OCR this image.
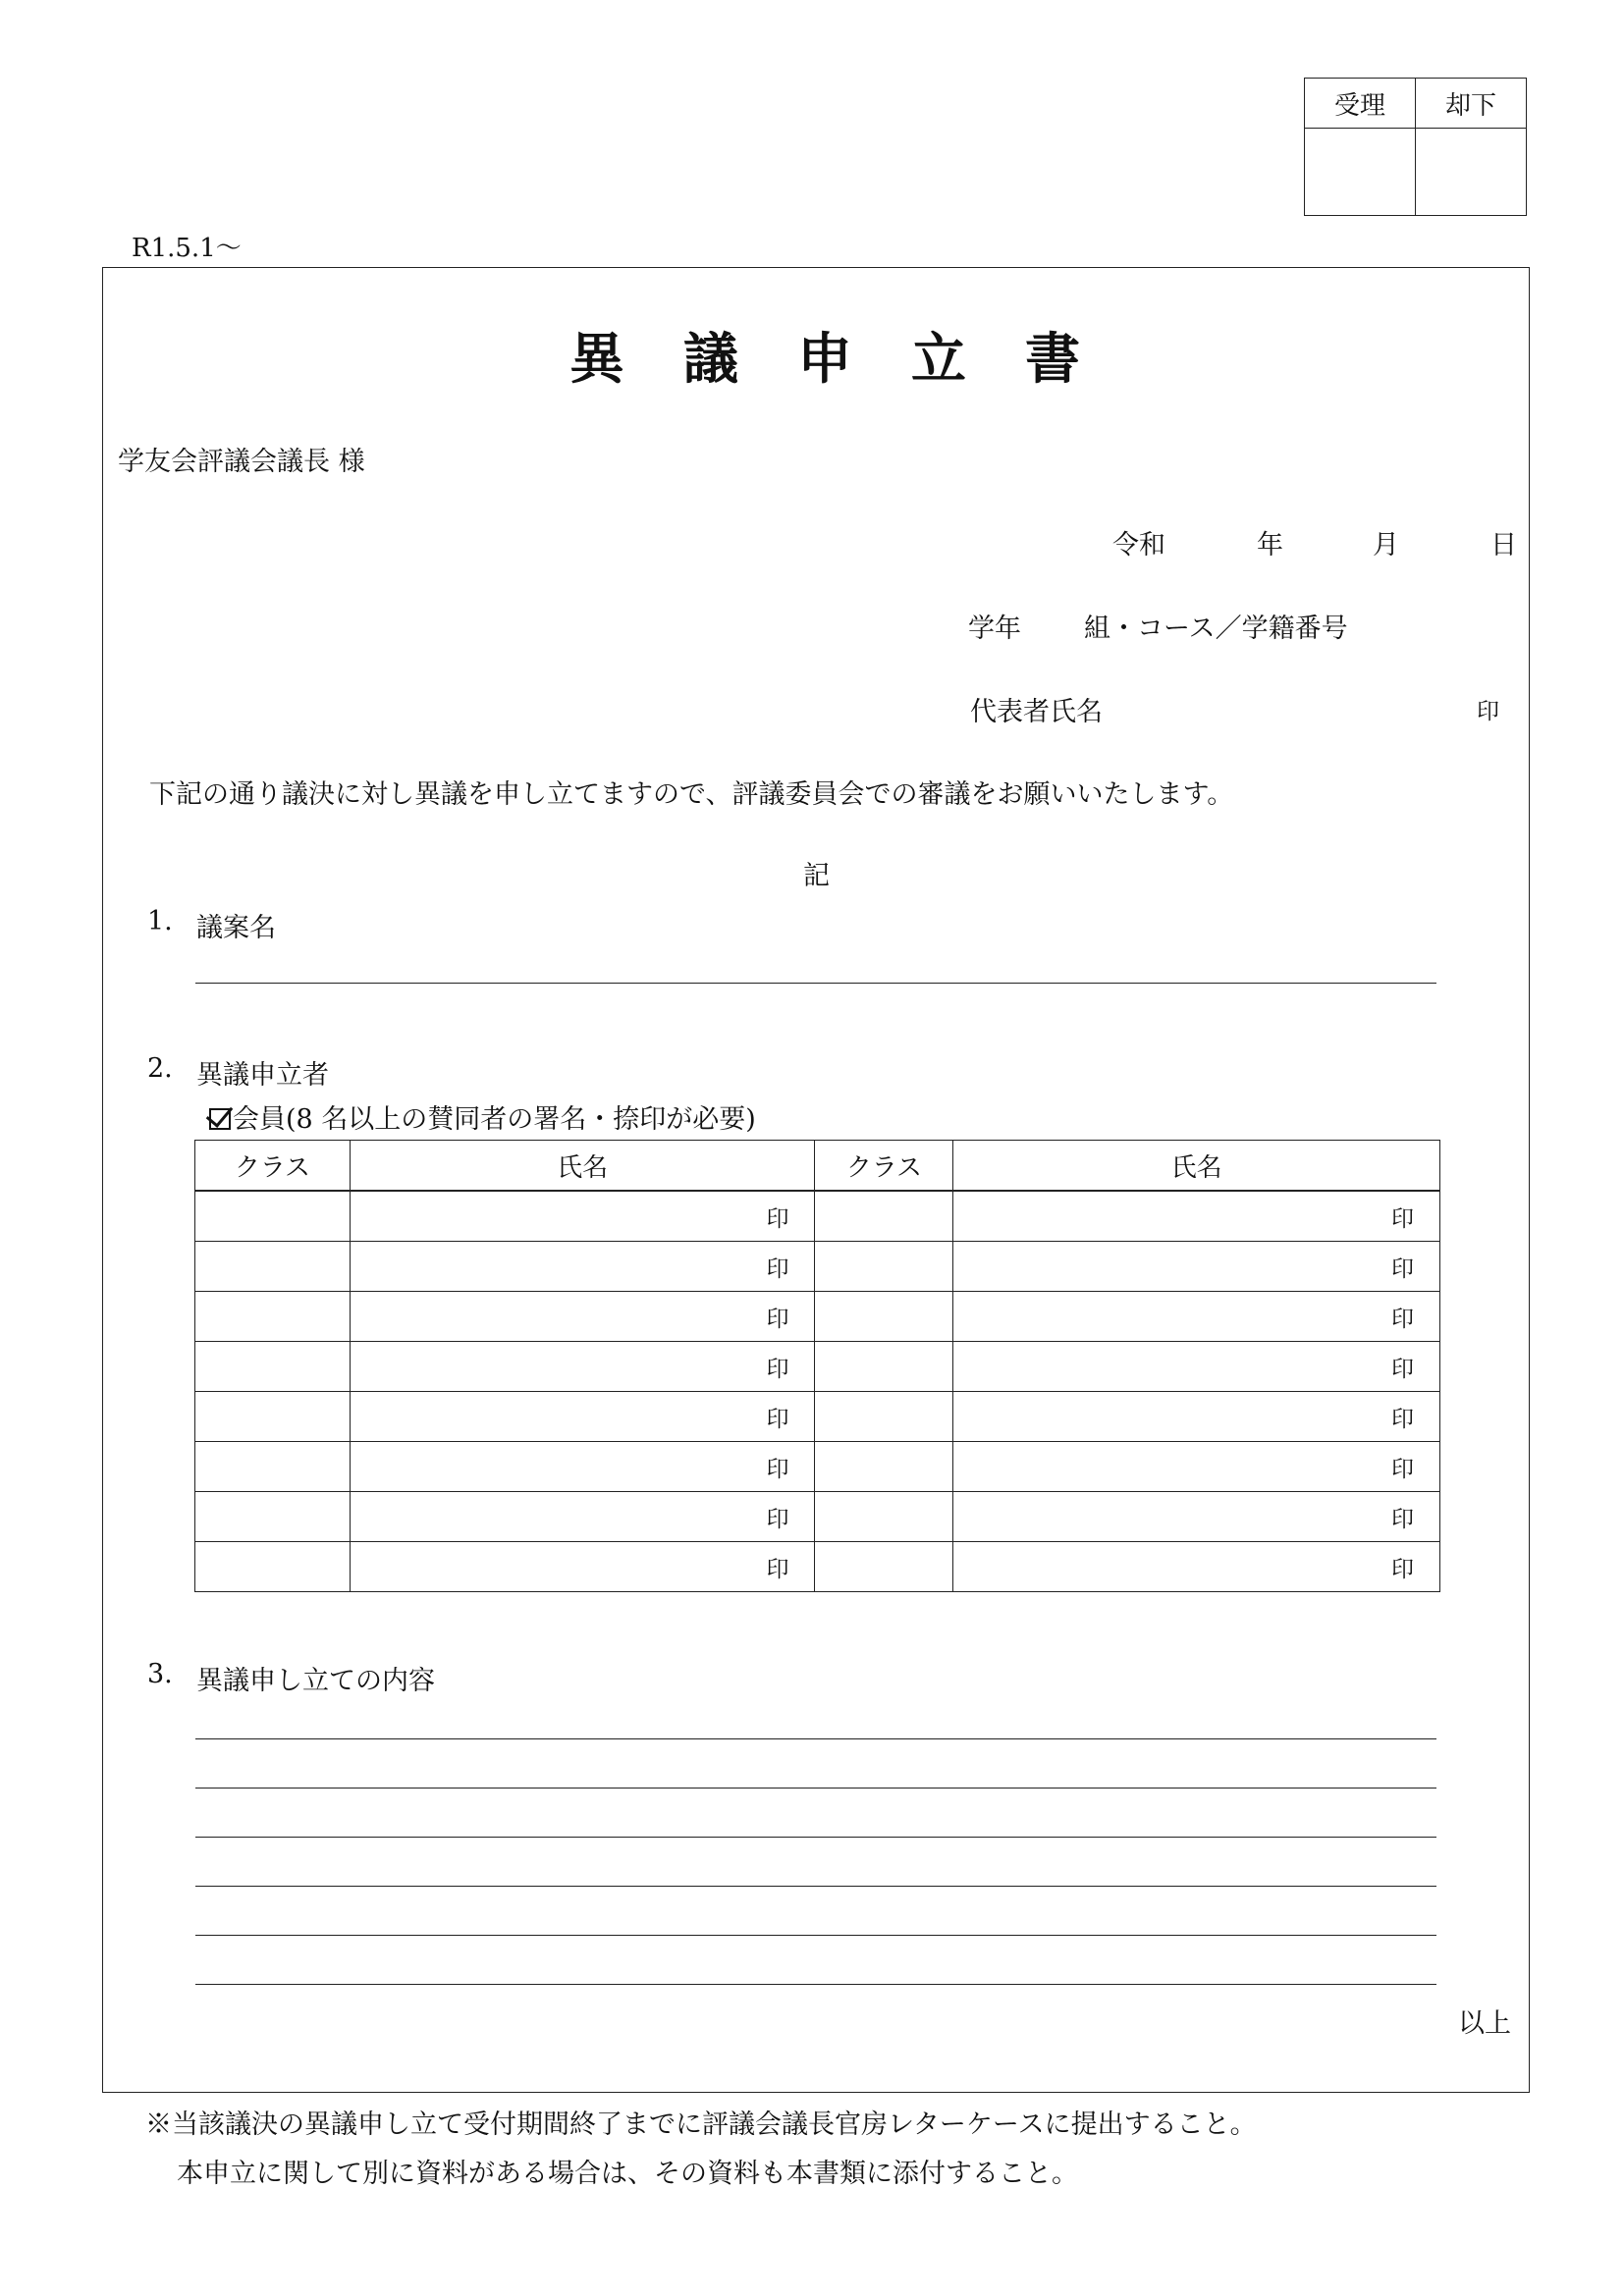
受理	却下

R1.5.1～
異 議 申 立 書
学友会評議会議長 様
令和	年	月	日
学年 組・コース／学籍番号
代表者氏名	印
下記の通り議決に対し異議を申し立てますので、評議委員会での審議をお願いいたします。
記
1. 議案名
2. 異議申立者
会員(8 名以上の賛同者の署名・捺印が必要)
クラス	氏名	クラス	氏名
	印		印
	印		印
	印		印
	印		印
	印		印
	印		印
	印		印
	印		印
3. 異議申し立ての内容
以上
※当該議決の異議申し立て受付期間終了までに評議会議長官房レターケースに提出すること。
本申立に関して別に資料がある場合は、その資料も本書類に添付すること。
